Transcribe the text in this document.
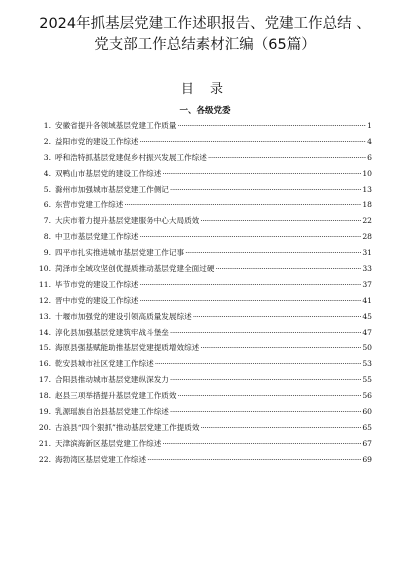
2024年抓基层党建工作述职报告、党建工作总结 、
党支部工作总结素材汇编（65篇）
目 录
一、各级党委
1. 安徽省提升各领域基层党建工作质量 ·····	1
2. 益阳市党的建设工作综述 ·····	4
3. 呼和浩特抓基层党建促乡村振兴发展工作综述 ·····	6
4. 双鸭山市基层党的建设工作综述 ·····	10
5. 滁州市加强城市基层党建工作侧记 ·····	13
6. 东营市党建工作综述 ·····	18
7. 大庆市着力提升基层党建服务中心大局质效 ·····	22
8. 中卫市基层党建工作综述 ·····	28
9. 四平市扎实推进城市基层党建工作记事 ·····	31
10. 菏泽市全域攻坚创优提质推动基层党建全面过硬 ·····	33
11. 毕节市党的建设工作综述 ·····	37
12. 晋中市党的建设工作综述 ·····	41
13. 十堰市加强党的建设引领高质量发展综述 ·····	45
14. 淳化县加强基层党建筑牢战斗堡垒 ·····	47
15. 海原县强基赋能助推基层党建提质增效综述 ·····	50
16. 乾安县城市社区党建工作综述 ·····	53
17. 合阳县推动城市基层党建纵深发力 ·····	55
18. 赵县三项举措提升基层党建工作质效 ·····	56
19. 乳源瑶族自治县基层党建工作综述 ·····	60
20. 古浪县“四个狠抓”推动基层党建工作提质效 ·····	65
21. 天津滨海新区基层党建工作综述 ·····	67
22. 海勃湾区基层党建工作综述 ·····	69
